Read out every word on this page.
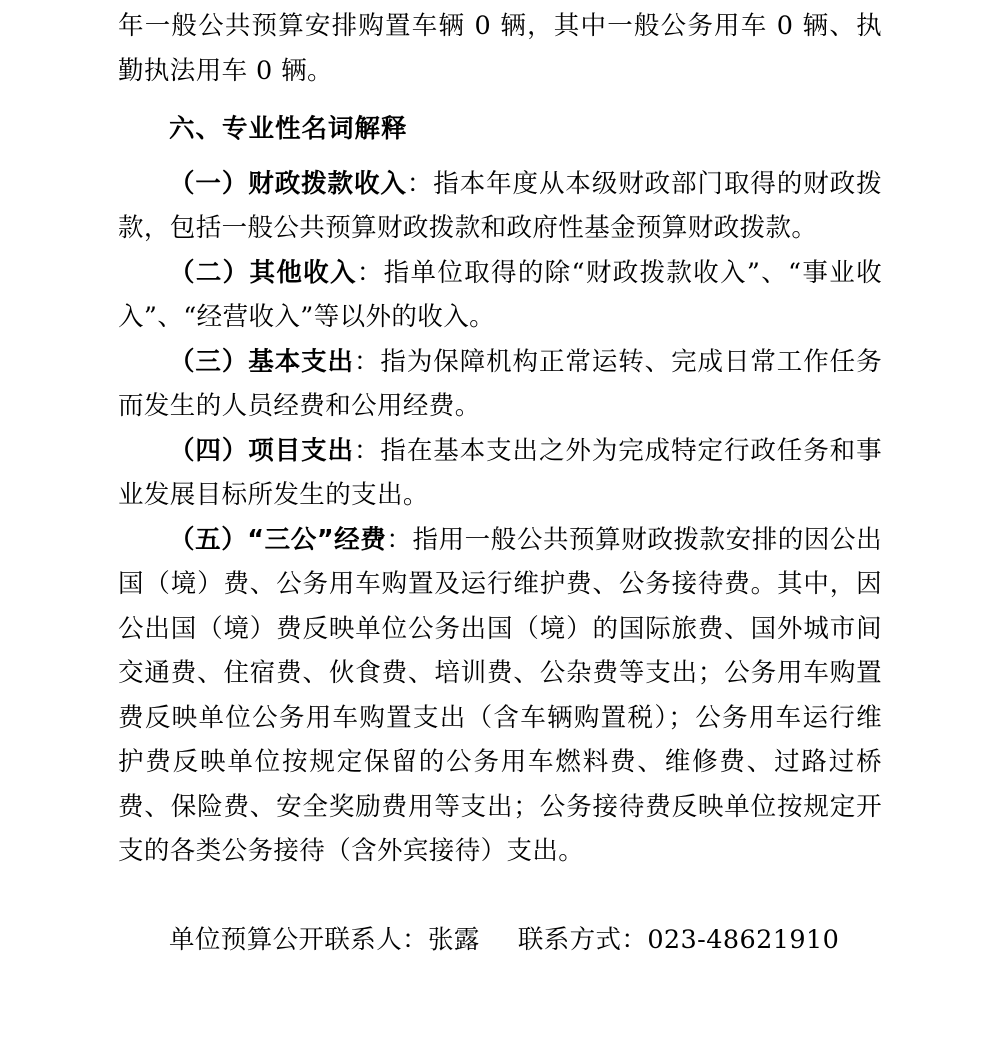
年一般公共预算安排购置车辆 0 辆，其中一般公务用车 0 辆、执勤执法用车 0 辆。

六、专业性名词解释

（一）财政拨款收入：指本年度从本级财政部门取得的财政拨款，包括一般公共预算财政拨款和政府性基金预算财政拨款。

（二）其他收入：指单位取得的除“财政拨款收入”、“事业收入”、“经营收入”等以外的收入。

（三）基本支出：指为保障机构正常运转、完成日常工作任务而发生的人员经费和公用经费。

（四）项目支出：指在基本支出之外为完成特定行政任务和事业发展目标所发生的支出。

（五）“三公”经费：指用一般公共预算财政拨款安排的因公出国（境）费、公务用车购置及运行维护费、公务接待费。其中，因公出国（境）费反映单位公务出国（境）的国际旅费、国外城市间交通费、住宿费、伙食费、培训费、公杂费等支出；公务用车购置费反映单位公务用车购置支出（含车辆购置税）；公务用车运行维护费反映单位按规定保留的公务用车燃料费、维修费、过路过桥费、保险费、安全奖励费用等支出；公务接待费反映单位按规定开支的各类公务接待（含外宾接待）支出。

单位预算公开联系人：张露 联系方式：023-48621910
